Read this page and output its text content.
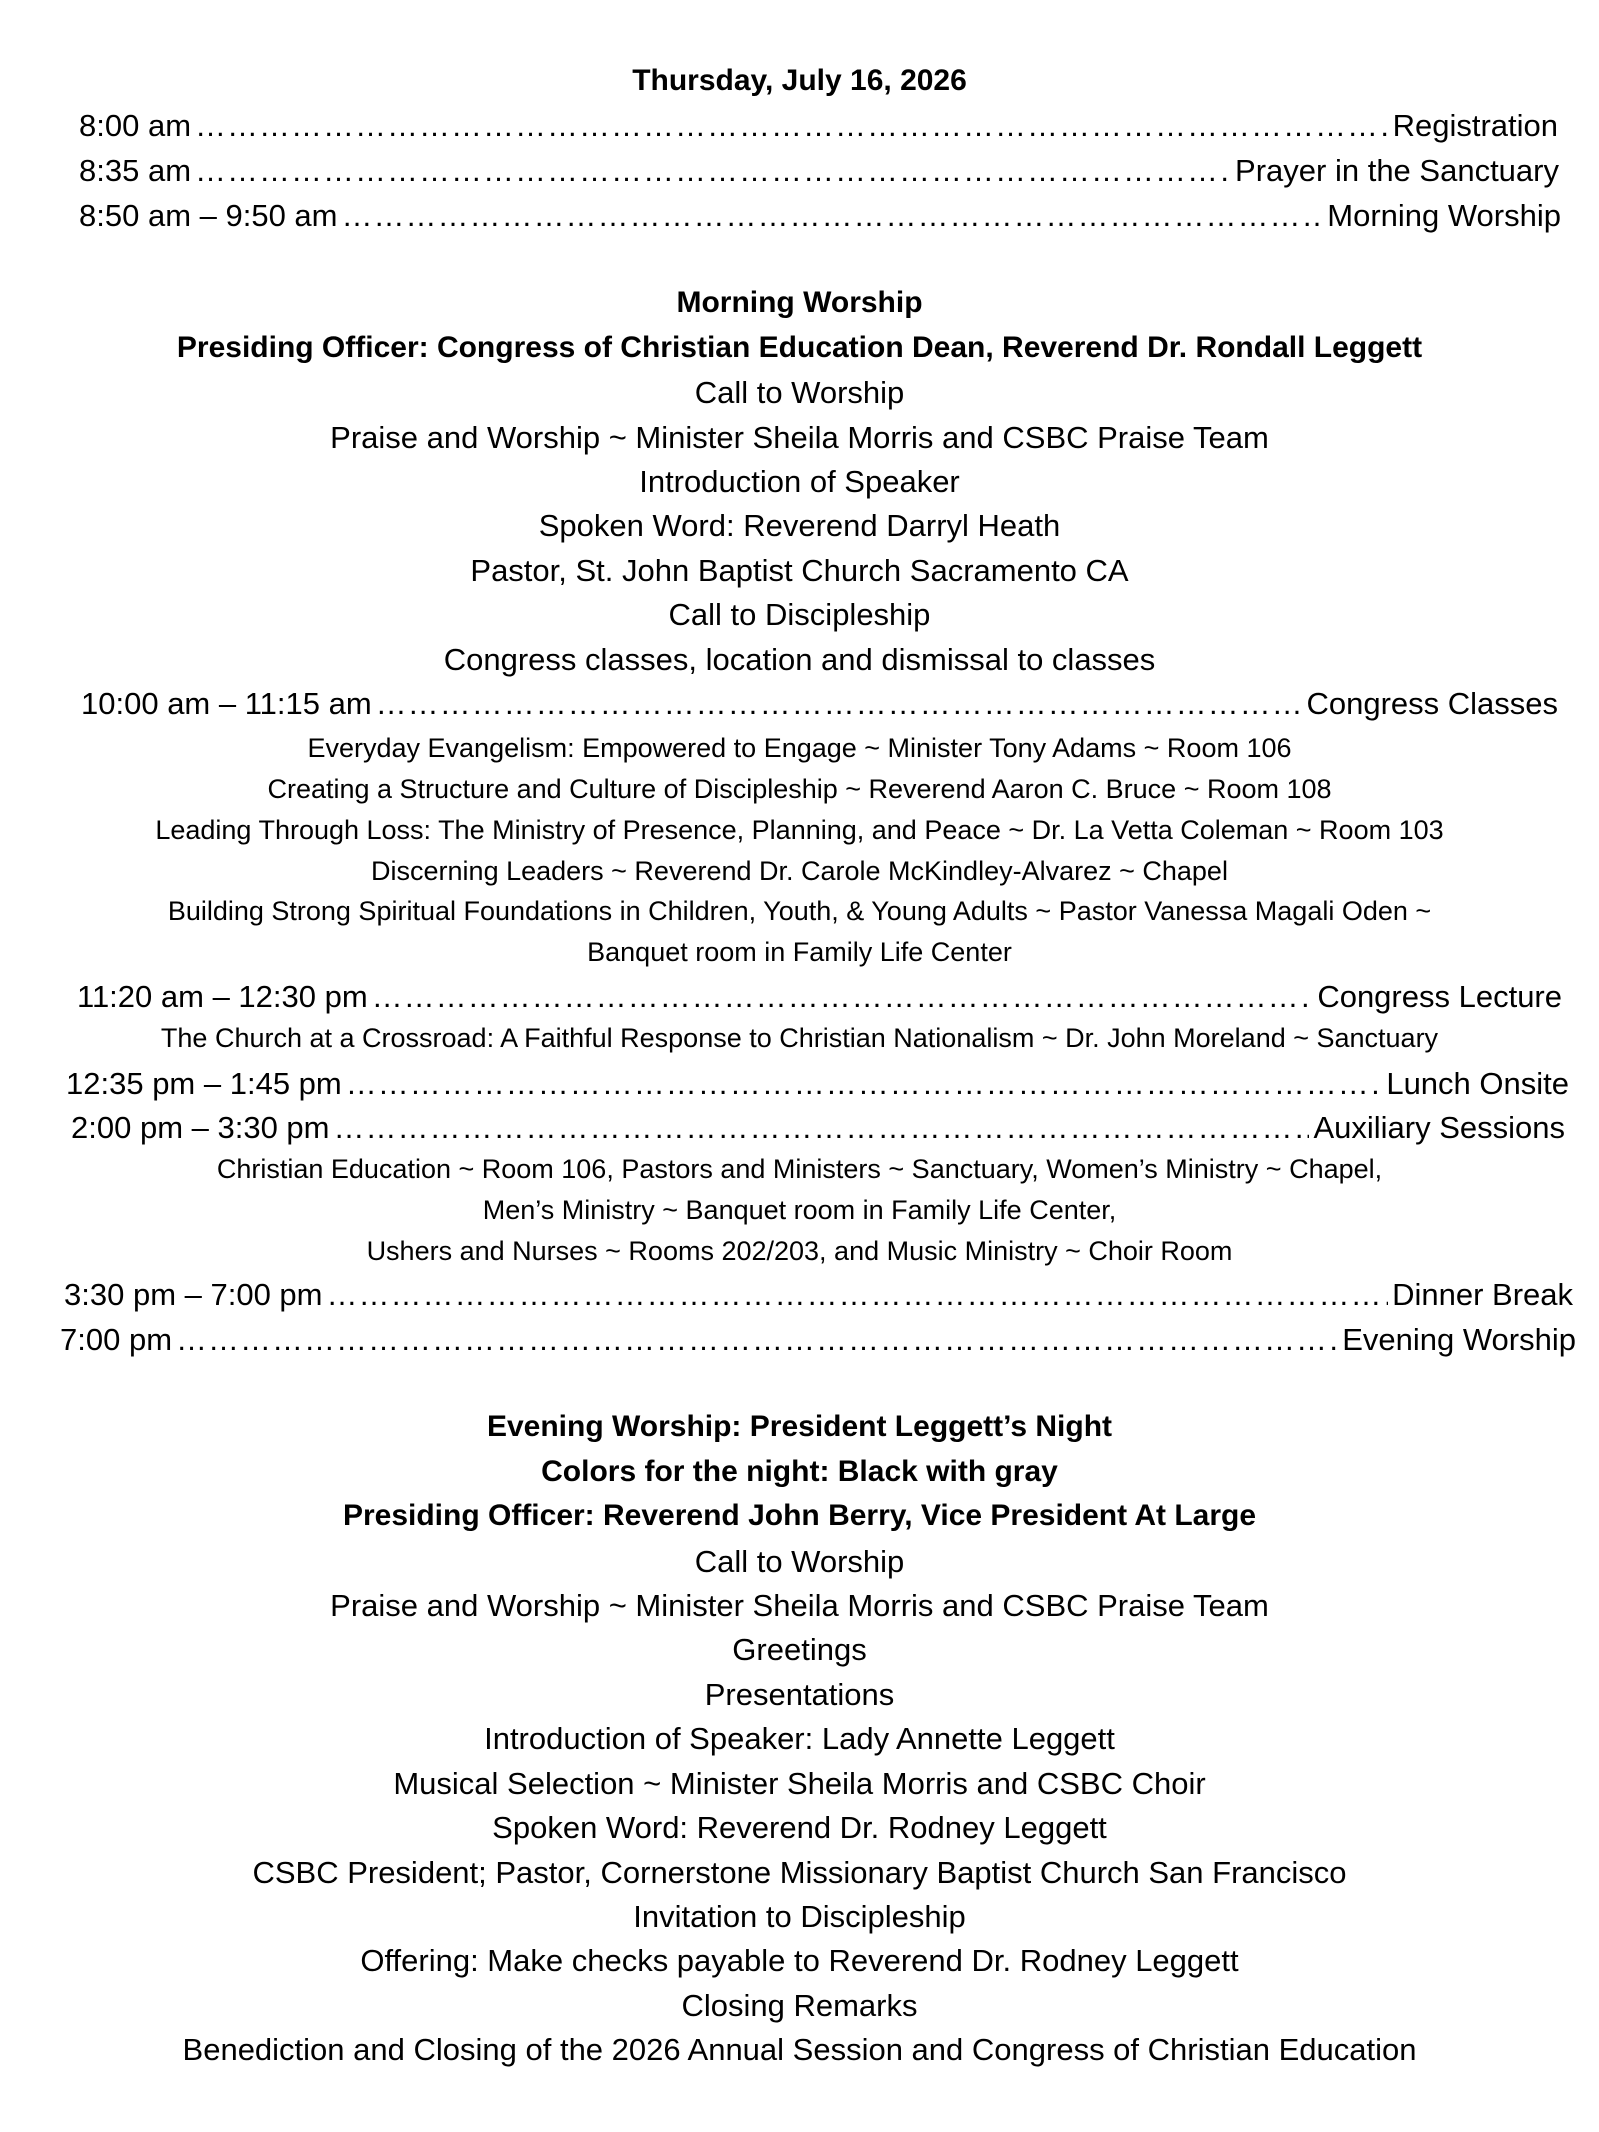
Thursday, July 16, 2026
8:00 am ……………………………………………………………………………………………………………………………………………………………………………………………	Registration
8:35 am ……………………………………………………………………………………………………………………………………………………………………………………………	Prayer in the Sanctuary
8:50 am – 9:50 am ……………………………………………………………………………………………………………………………………………………………………………………………	Morning Worship
Morning Worship
Presiding Officer: Congress of Christian Education Dean, Reverend Dr. Rondall Leggett
Call to Worship
Praise and Worship ~ Minister Sheila Morris and CSBC Praise Team
Introduction of Speaker
Spoken Word: Reverend Darryl Heath
Pastor, St. John Baptist Church Sacramento CA
Call to Discipleship
Congress classes, location and dismissal to classes
10:00 am – 11:15 am ……………………………………………………………………………………………………………………………………………………………………………………………	Congress Classes
Everyday Evangelism: Empowered to Engage ~ Minister Tony Adams ~ Room 106
Creating a Structure and Culture of Discipleship ~ Reverend Aaron C. Bruce ~ Room 108
Leading Through Loss: The Ministry of Presence, Planning, and Peace ~ Dr. La Vetta Coleman ~ Room 103
Discerning Leaders ~ Reverend Dr. Carole McKindley-Alvarez ~ Chapel
Building Strong Spiritual Foundations in Children, Youth, & Young Adults ~ Pastor Vanessa Magali Oden ~
Banquet room in Family Life Center
11:20 am – 12:30 pm ……………………………………………………………………………………………………………………………………………………………………………………………	Congress Lecture
The Church at a Crossroad: A Faithful Response to Christian Nationalism ~ Dr. John Moreland ~ Sanctuary
12:35 pm – 1:45 pm ……………………………………………………………………………………………………………………………………………………………………………………………	Lunch Onsite
2:00 pm – 3:30 pm ……………………………………………………………………………………………………………………………………………………………………………………………	Auxiliary Sessions
Christian Education ~ Room 106, Pastors and Ministers ~ Sanctuary, Women’s Ministry ~ Chapel,
Men’s Ministry ~ Banquet room in Family Life Center,
Ushers and Nurses ~ Rooms 202/203, and Music Ministry ~ Choir Room
3:30 pm – 7:00 pm ……………………………………………………………………………………………………………………………………………………………………………………………	Dinner Break
7:00 pm ……………………………………………………………………………………………………………………………………………………………………………………………	Evening Worship
Evening Worship: President Leggett’s Night
Colors for the night: Black with gray
Presiding Officer: Reverend John Berry, Vice President At Large
Call to Worship
Praise and Worship ~ Minister Sheila Morris and CSBC Praise Team
Greetings
Presentations
Introduction of Speaker: Lady Annette Leggett
Musical Selection ~ Minister Sheila Morris and CSBC Choir
Spoken Word: Reverend Dr. Rodney Leggett
CSBC President; Pastor, Cornerstone Missionary Baptist Church San Francisco
Invitation to Discipleship
Offering: Make checks payable to Reverend Dr. Rodney Leggett
Closing Remarks
Benediction and Closing of the 2026 Annual Session and Congress of Christian Education
